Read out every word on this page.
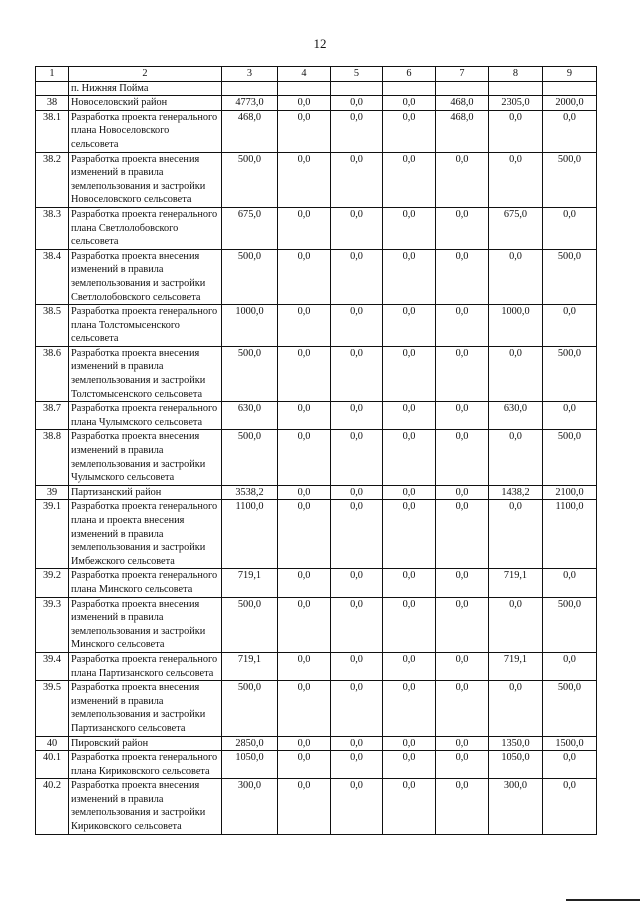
12
1	2	3	4	5	6	7	8	9
	п. Нижняя Пойма							
38	Новоселовский район	4773,0	0,0	0,0	0,0	468,0	2305,0	2000,0
38.1	Разработка проекта генерального плана Новоселовского сельсовета	468,0	0,0	0,0	0,0	468,0	0,0	0,0
38.2	Разработка проекта внесения изменений в правила землепользования и застройки Новоселовского сельсовета	500,0	0,0	0,0	0,0	0,0	0,0	500,0
38.3	Разработка проекта генерального плана Светлолобовского сельсовета	675,0	0,0	0,0	0,0	0,0	675,0	0,0
38.4	Разработка проекта внесения изменений в правила землепользования и застройки Светлолобовского сельсовета	500,0	0,0	0,0	0,0	0,0	0,0	500,0
38.5	Разработка проекта генерального плана Толстомысенского сельсовета	1000,0	0,0	0,0	0,0	0,0	1000,0	0,0
38.6	Разработка проекта внесения изменений в правила землепользования и застройки Толстомысенского сельсовета	500,0	0,0	0,0	0,0	0,0	0,0	500,0
38.7	Разработка проекта генерального плана Чулымского сельсовета	630,0	0,0	0,0	0,0	0,0	630,0	0,0
38.8	Разработка проекта внесения изменений в правила землепользования и застройки Чулымского сельсовета	500,0	0,0	0,0	0,0	0,0	0,0	500,0
39	Партизанский район	3538,2	0,0	0,0	0,0	0,0	1438,2	2100,0
39.1	Разработка проекта генерального плана и проекта внесения изменений в правила землепользования и застройки Имбежского сельсовета	1100,0	0,0	0,0	0,0	0,0	0,0	1100,0
39.2	Разработка проекта генерального плана Минского сельсовета	719,1	0,0	0,0	0,0	0,0	719,1	0,0
39.3	Разработка проекта внесения изменений в правила землепользования и застройки Минского сельсовета	500,0	0,0	0,0	0,0	0,0	0,0	500,0
39.4	Разработка проекта генерального плана Партизанского сельсовета	719,1	0,0	0,0	0,0	0,0	719,1	0,0
39.5	Разработка проекта внесения изменений в правила землепользования и застройки Партизанского сельсовета	500,0	0,0	0,0	0,0	0,0	0,0	500,0
40	Пировский район	2850,0	0,0	0,0	0,0	0,0	1350,0	1500,0
40.1	Разработка проекта генерального плана Кириковского сельсовета	1050,0	0,0	0,0	0,0	0,0	1050,0	0,0
40.2	Разработка проекта внесения изменений в правила землепользования и застройки Кириковского сельсовета	300,0	0,0	0,0	0,0	0,0	300,0	0,0
